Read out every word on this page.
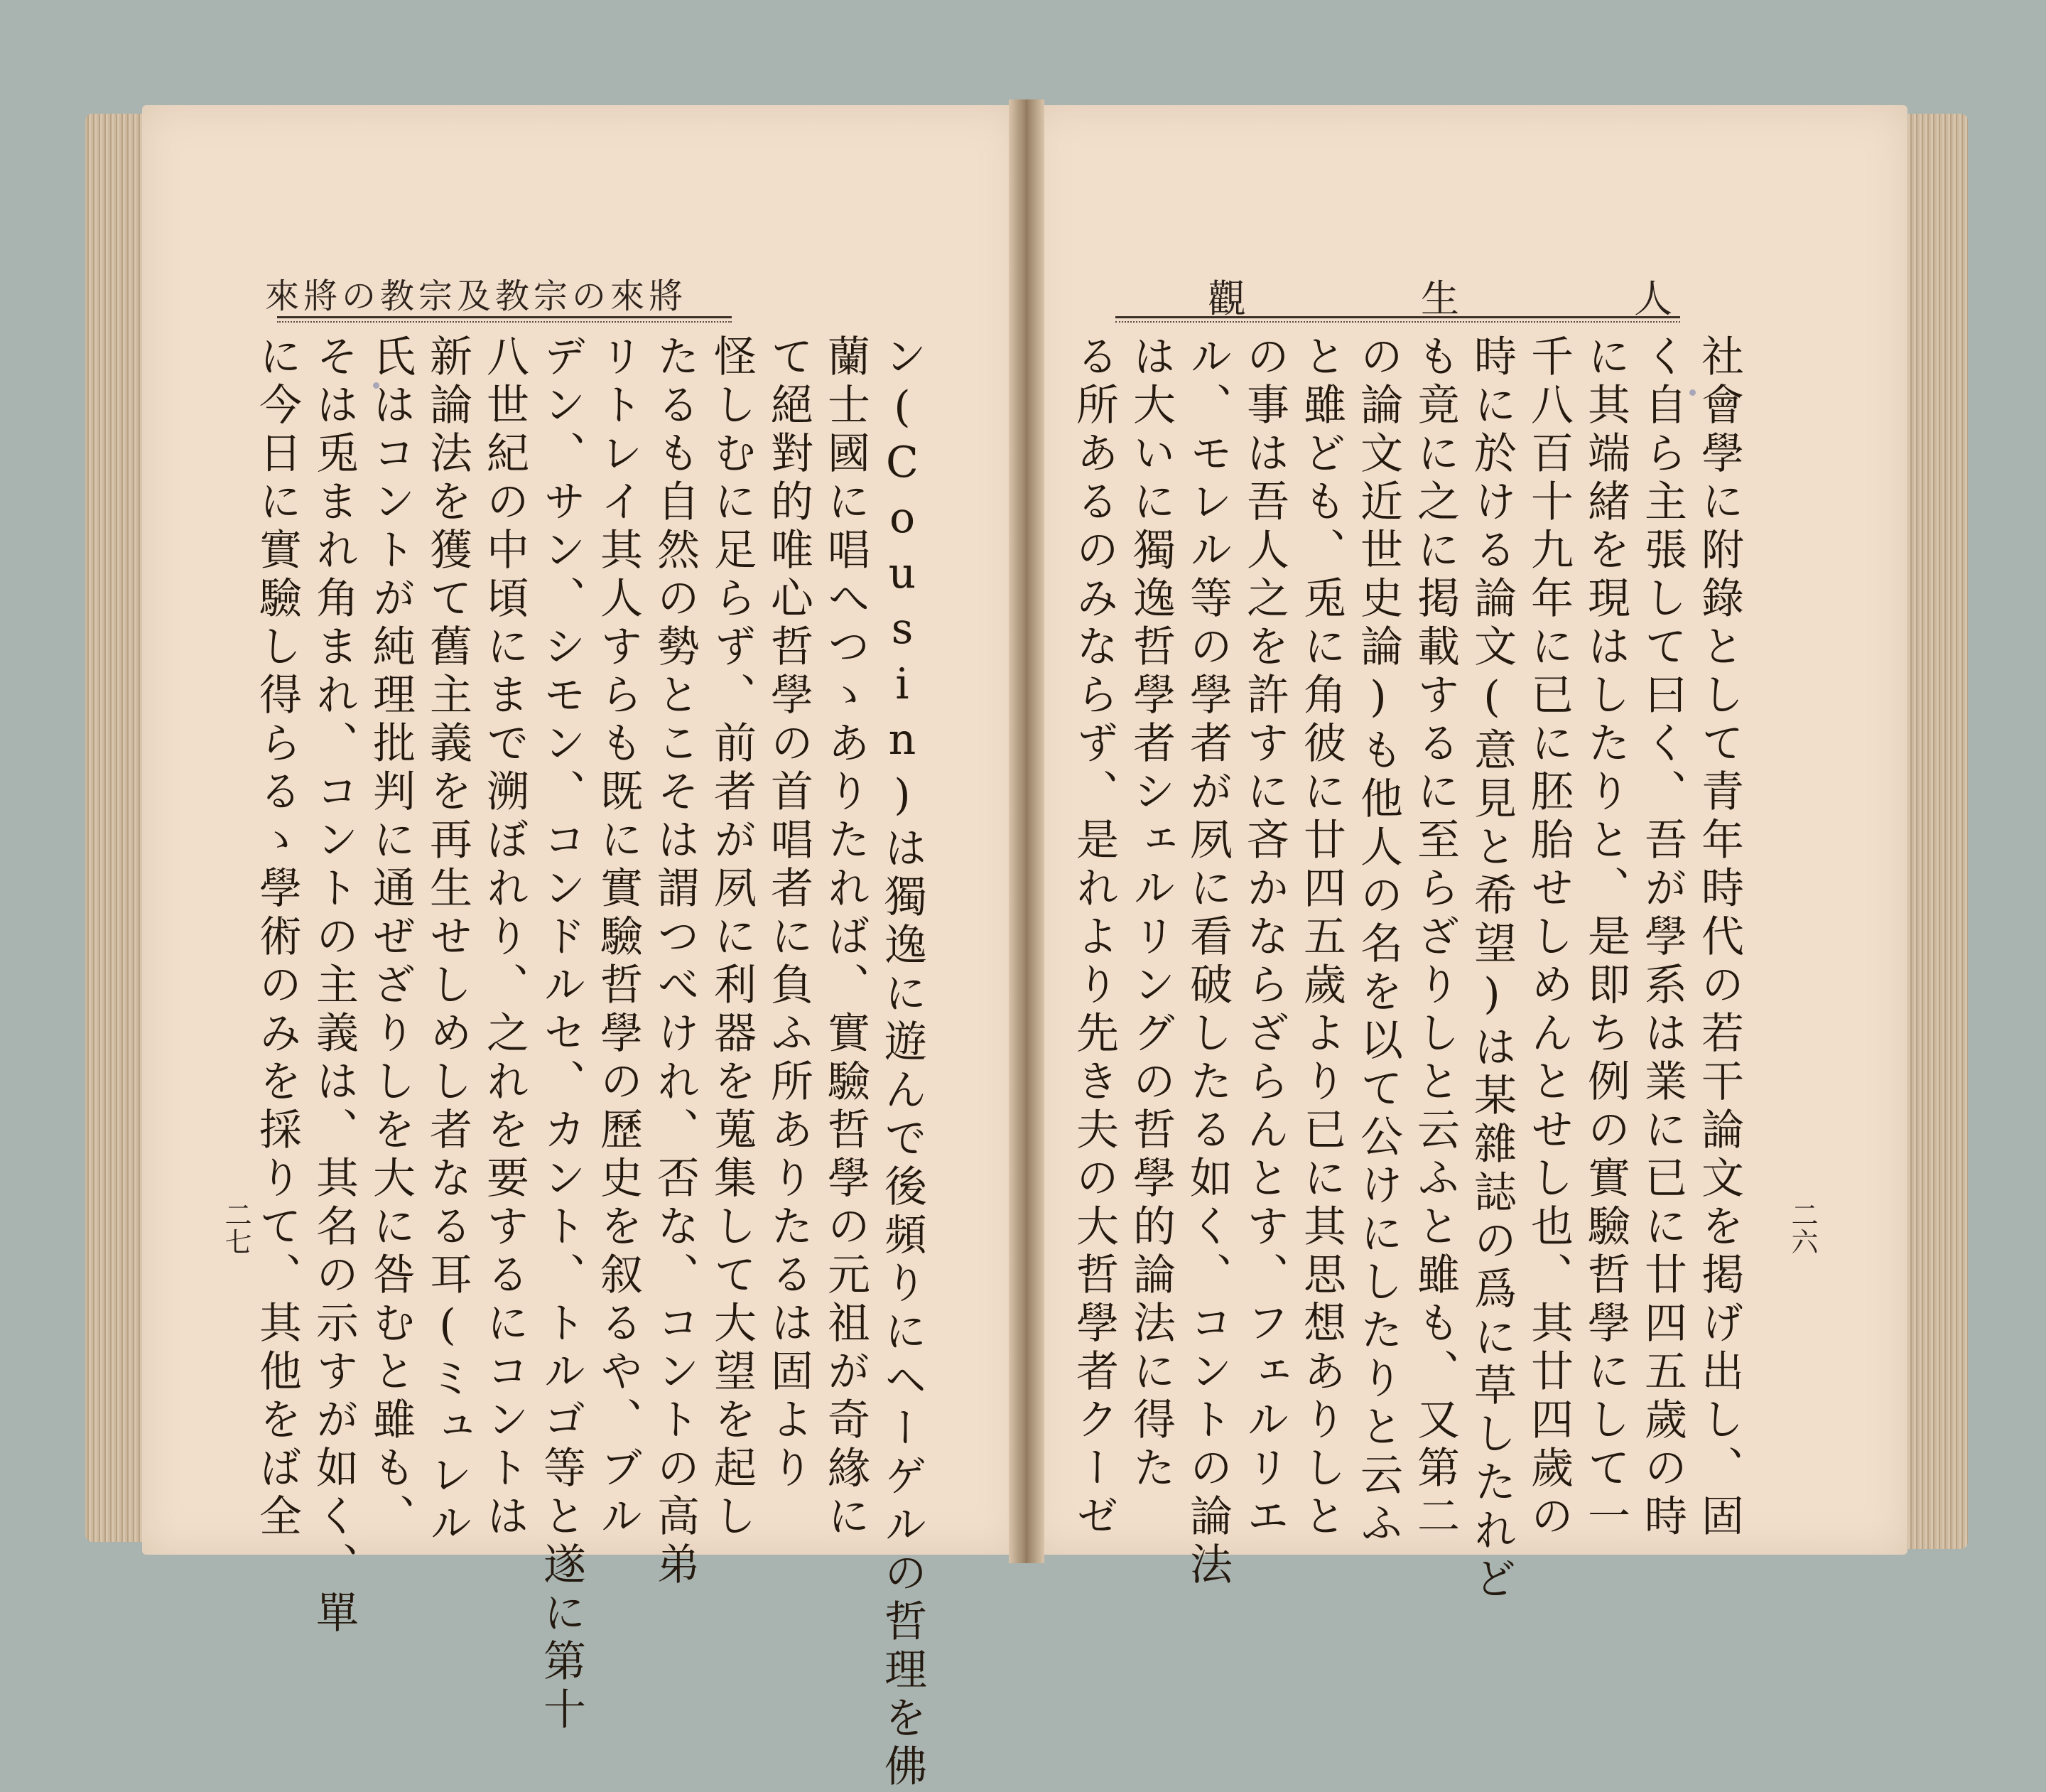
來將の教宗及教宗の來將	觀	生	人
ン(Cousin)は獨逸に遊んで後頻りにヘーゲルの哲理を佛
蘭士國に唱へつゝありたれば、實驗哲學の元祖が奇緣に
て絕對的唯心哲學の首唱者に負ふ所ありたるは固より
怪しむに足らず、前者が夙に利器を蒐集して大望を起し
たるも自然の勢とこそは謂つべけれ、否な、コントの高弟
リトレイ其人すらも既に實驗哲學の歷史を叙るや、ブル
デン、サン、シモン、コンドルセ、カント、トルゴ等と遂に第十
八世紀の中頃にまで溯ぼれり、之れを要するにコントは
新論法を獲て舊主義を再生せしめし者なる耳(ミュレル
氏はコントが純理批判に通ぜざりしを大に咎むと雖も、
そは兎まれ角まれ、コントの主義は、其名の示すが如く、單
に今日に實驗し得らるゝ學術のみを採りて、其他をば全
二七	社會學に附錄として青年時代の若干論文を掲げ出し、固
く自ら主張して曰く、吾が學系は業に已に廿四五歲の時
に其端緒を現はしたりと、是即ち例の實驗哲學にして一
千八百十九年に已に胚胎せしめんとせし也、其廿四歲の
時に於ける論文(意見と希望)は某雜誌の爲に草したれど
も竟に之に掲載するに至らざりしと云ふと雖も、又第二
の論文近世史論)も他人の名を以て公けにしたりと云ふ
と雖ども、兎に角彼に廿四五歲より已に其思想ありしと
の事は吾人之を許すに吝かならざらんとす、フェルリエ
ル、モレル等の學者が夙に看破したる如く、コントの論法
は大いに獨逸哲學者シェルリングの哲學的論法に得た
る所あるのみならず、是れより先き夫の大哲學者クーゼ	二六
